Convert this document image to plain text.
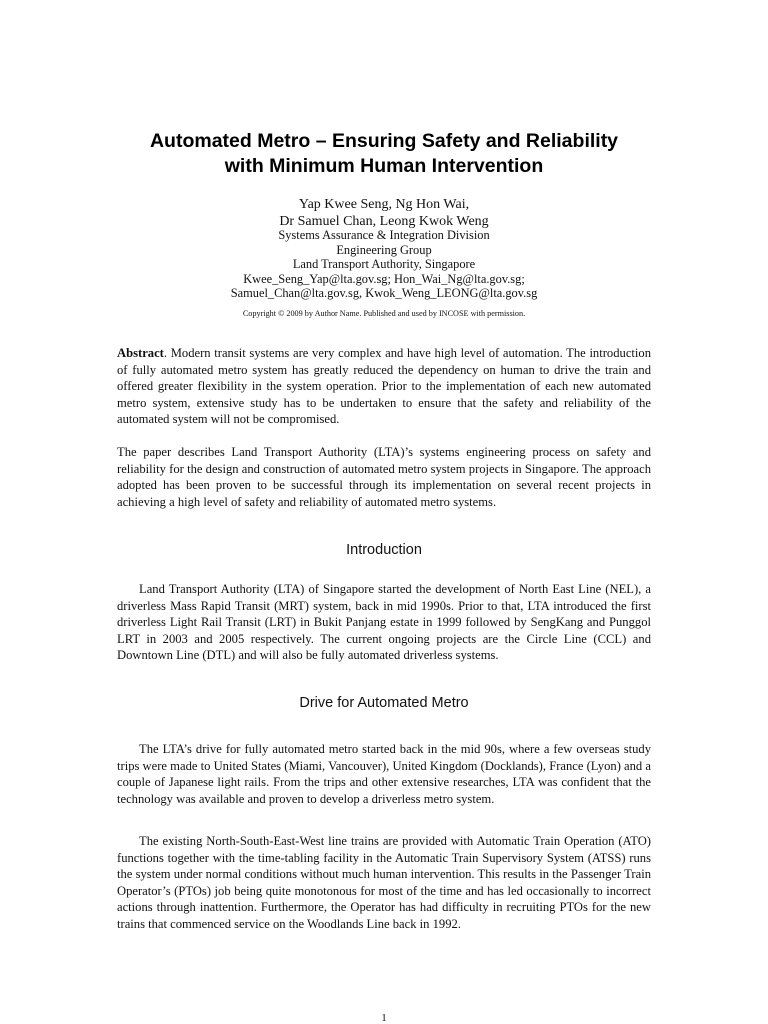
Automated Metro – Ensuring Safety and Reliability
with Minimum Human Intervention
Yap Kwee Seng, Ng Hon Wai,
Dr Samuel Chan, Leong Kwok Weng
Systems Assurance & Integration Division
Engineering Group
Land Transport Authority, Singapore
Kwee_Seng_Yap@lta.gov.sg; Hon_Wai_Ng@lta.gov.sg;
Samuel_Chan@lta.gov.sg, Kwok_Weng_LEONG@lta.gov.sg
Copyright © 2009 by Author Name. Published and used by INCOSE with permission.

Abstract. Modern transit systems are very complex and have high level of automation. The introduction of fully automated metro system has greatly reduced the dependency on human to drive the train and offered greater flexibility in the system operation. Prior to the implementation of each new automated metro system, extensive study has to be undertaken to ensure that the safety and reliability of the automated system will not be compromised.

The paper describes Land Transport Authority (LTA)’s systems engineering process on safety and reliability for the design and construction of automated metro system projects in Singapore. The approach adopted has been proven to be successful through its implementation on several recent projects in achieving a high level of safety and reliability of automated metro systems.

Introduction

Land Transport Authority (LTA) of Singapore started the development of North East Line (NEL), a driverless Mass Rapid Transit (MRT) system, back in mid 1990s. Prior to that, LTA introduced the first driverless Light Rail Transit (LRT) in Bukit Panjang estate in 1999 followed by SengKang and Punggol LRT in 2003 and 2005 respectively. The current ongoing projects are the Circle Line (CCL) and Downtown Line (DTL) and will also be fully automated driverless systems.

Drive for Automated Metro

The LTA’s drive for fully automated metro started back in the mid 90s, where a few overseas study trips were made to United States (Miami, Vancouver), United Kingdom (Docklands), France (Lyon) and a couple of Japanese light rails. From the trips and other extensive researches, LTA was confident that the technology was available and proven to develop a driverless metro system.

The existing North-South-East-West line trains are provided with Automatic Train Operation (ATO) functions together with the time-tabling facility in the Automatic Train Supervisory System (ATSS) runs the system under normal conditions without much human intervention. This results in the Passenger Train Operator’s (PTOs) job being quite monotonous for most of the time and has led occasionally to incorrect actions through inattention. Furthermore, the Operator has had difficulty in recruiting PTOs for the new trains that commenced service on the Woodlands Line back in 1992.

1
